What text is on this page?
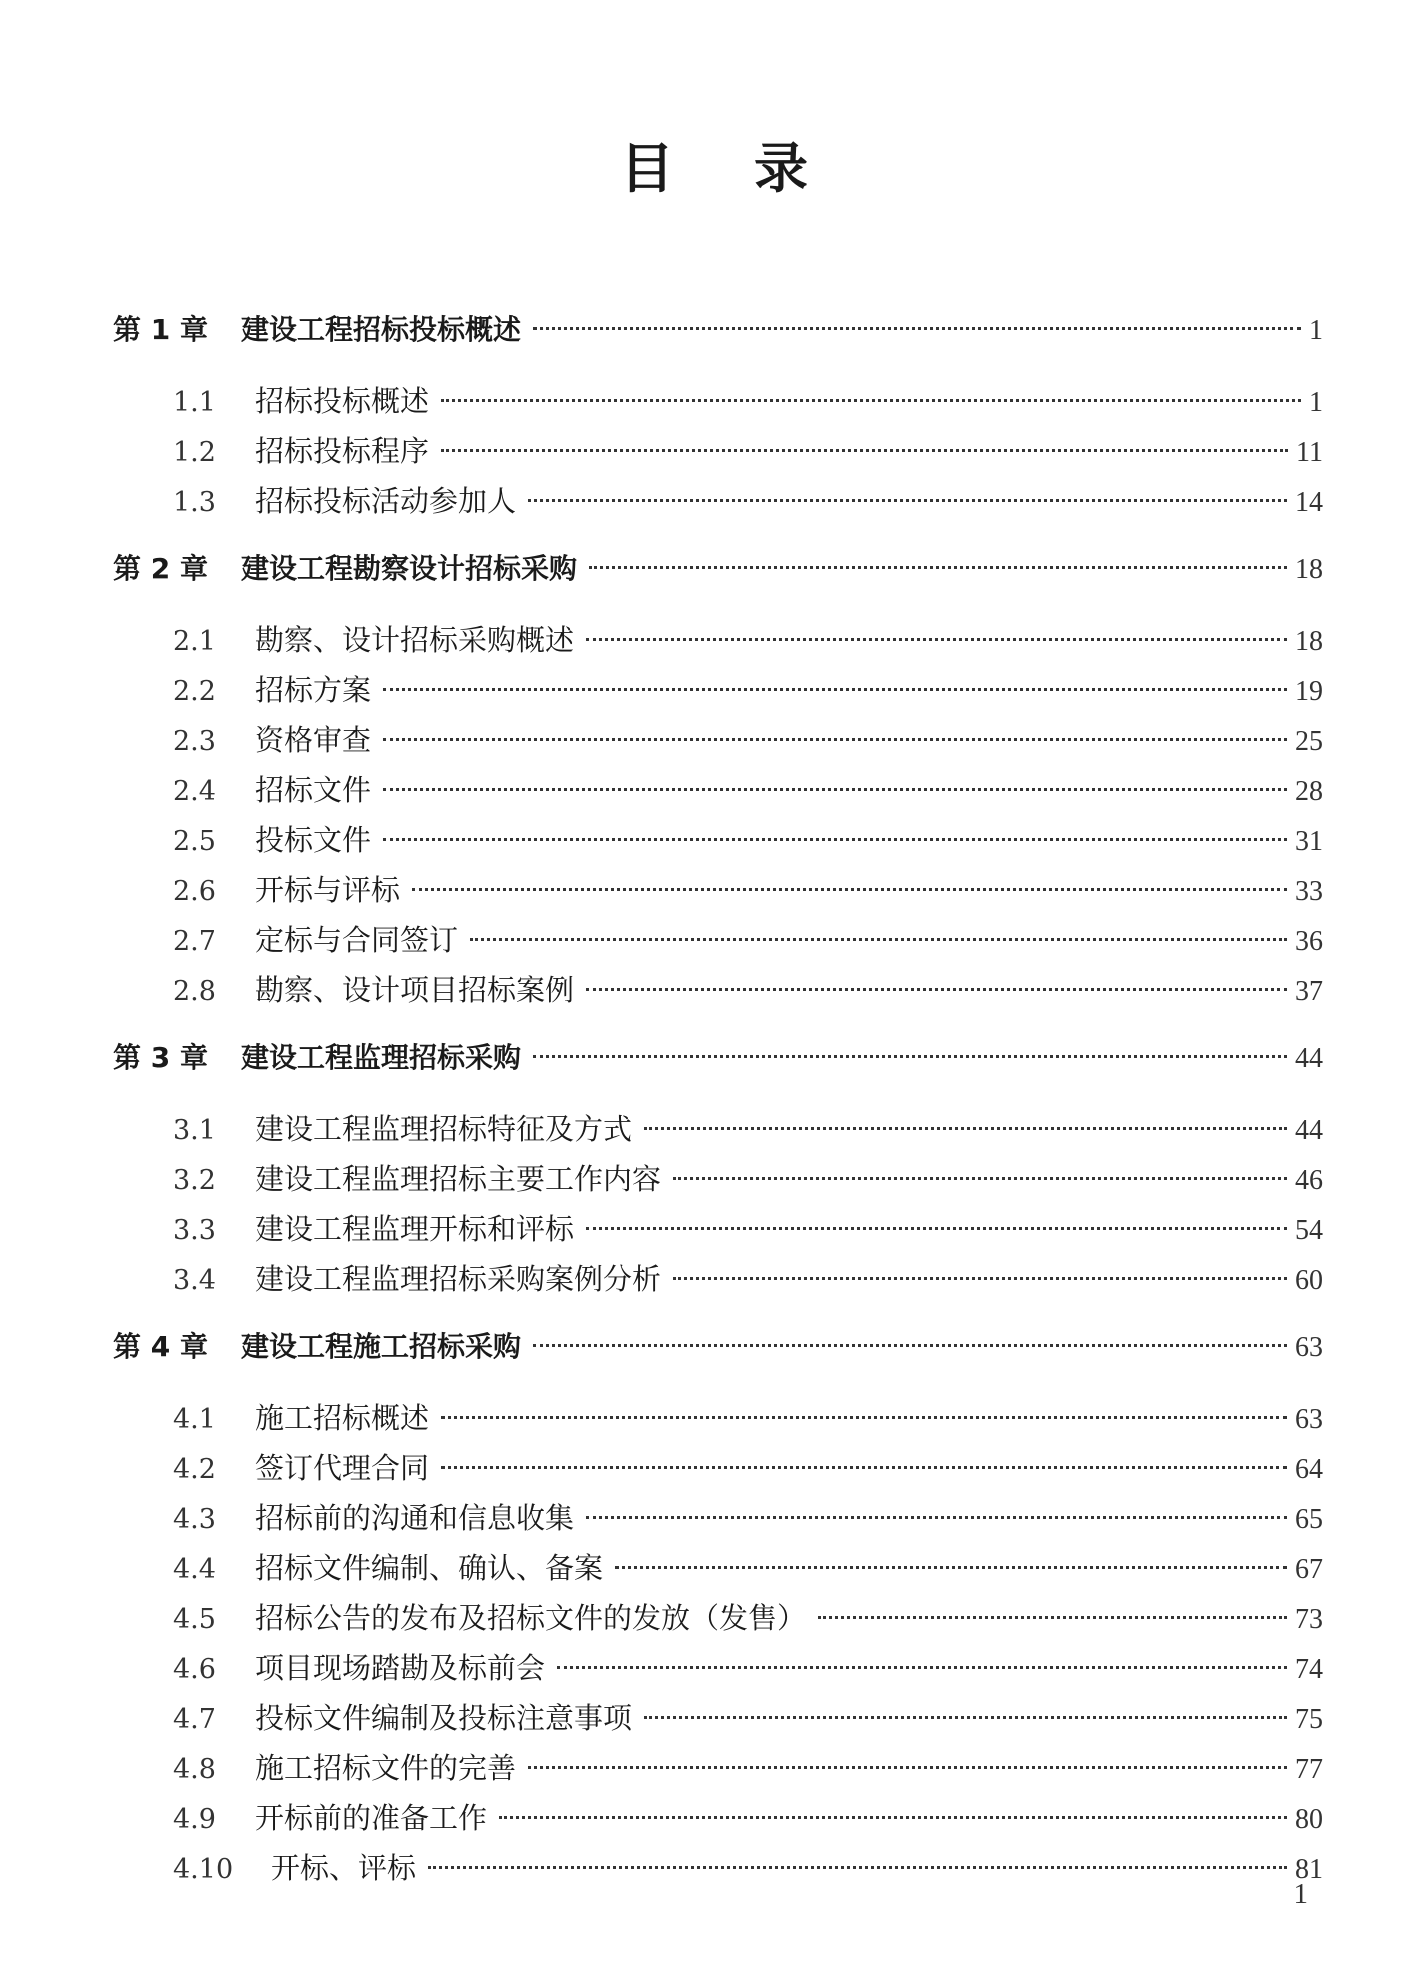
目录
第 1 章	建设工程招标投标概述	1
1.1	招标投标概述	1
1.2	招标投标程序	11
1.3	招标投标活动参加人	14
第 2 章	建设工程勘察设计招标采购	18
2.1	勘察、设计招标采购概述	18
2.2	招标方案	19
2.3	资格审查	25
2.4	招标文件	28
2.5	投标文件	31
2.6	开标与评标	33
2.7	定标与合同签订	36
2.8	勘察、设计项目招标案例	37
第 3 章	建设工程监理招标采购	44
3.1	建设工程监理招标特征及方式	44
3.2	建设工程监理招标主要工作内容	46
3.3	建设工程监理开标和评标	54
3.4	建设工程监理招标采购案例分析	60
第 4 章	建设工程施工招标采购	63
4.1	施工招标概述	63
4.2	签订代理合同	64
4.3	招标前的沟通和信息收集	65
4.4	招标文件编制、确认、备案	67
4.5	招标公告的发布及招标文件的发放（发售）	73
4.6	项目现场踏勘及标前会	74
4.7	投标文件编制及投标注意事项	75
4.8	施工招标文件的完善	77
4.9	开标前的准备工作	80
4.10	开标、评标	81
1
